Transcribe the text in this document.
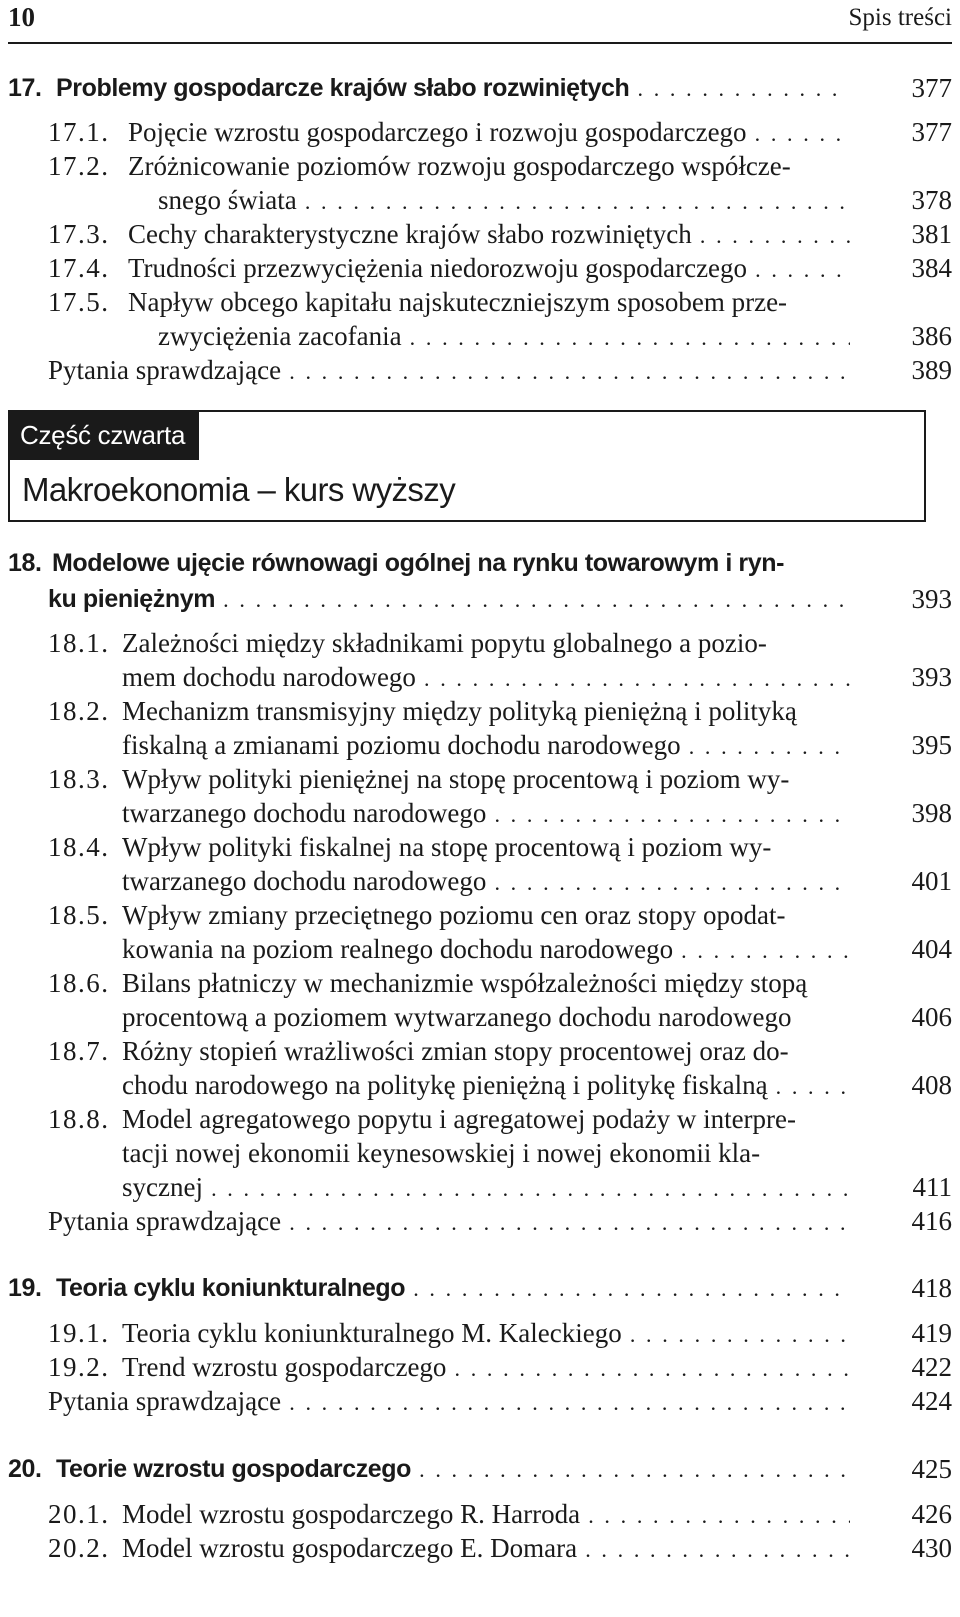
10	Spis treści
17. Problemy gospodarcze krajów słabo rozwiniętych . . .	377
17.1. Pojęcie wzrostu gospodarczego i rozwoju gospodarczego . . .	377
17.2. Zróżnicowanie poziomów rozwoju gospodarczego współcze-
snego świata . . .	378
17.3. Cechy charakterystyczne krajów słabo rozwiniętych . . .	381
17.4. Trudności przezwyciężenia niedorozwoju gospodarczego . . .	384
17.5. Napływ obcego kapitału najskuteczniejszym sposobem prze-
zwyciężenia zacofania . . .	386
Pytania sprawdzające . . .	389
Część czwarta
Makroekonomia – kurs wyższy
18. Modelowe ujęcie równowagi ogólnej na rynku towarowym i ryn-
ku pieniężnym . . .	393
18.1. Zależności między składnikami popytu globalnego a pozio-
mem dochodu narodowego . . .	393
18.2. Mechanizm transmisyjny między polityką pieniężną i polityką
fiskalną a zmianami poziomu dochodu narodowego . . .	395
18.3. Wpływ polityki pieniężnej na stopę procentową i poziom wy-
twarzanego dochodu narodowego . . .	398
18.4. Wpływ polityki fiskalnej na stopę procentową i poziom wy-
twarzanego dochodu narodowego . . .	401
18.5. Wpływ zmiany przeciętnego poziomu cen oraz stopy opodat-
kowania na poziom realnego dochodu narodowego . . .	404
18.6. Bilans płatniczy w mechanizmie współzależności między stopą
procentową a poziomem wytwarzanego dochodu narodowego	406
18.7. Różny stopień wrażliwości zmian stopy procentowej oraz do-
chodu narodowego na politykę pieniężną i politykę fiskalną . . .	408
18.8. Model agregatowego popytu i agregatowej podaży w interpre-
tacji nowej ekonomii keynesowskiej i nowej ekonomii kla-
sycznej . . .	411
Pytania sprawdzające . . .	416
19. Teoria cyklu koniunkturalnego . . .	418
19.1. Teoria cyklu koniunkturalnego M. Kaleckiego . . .	419
19.2. Trend wzrostu gospodarczego . . .	422
Pytania sprawdzające . . .	424
20. Teorie wzrostu gospodarczego . . .	425
20.1. Model wzrostu gospodarczego R. Harroda . . .	426
20.2. Model wzrostu gospodarczego E. Domara . . .	430
